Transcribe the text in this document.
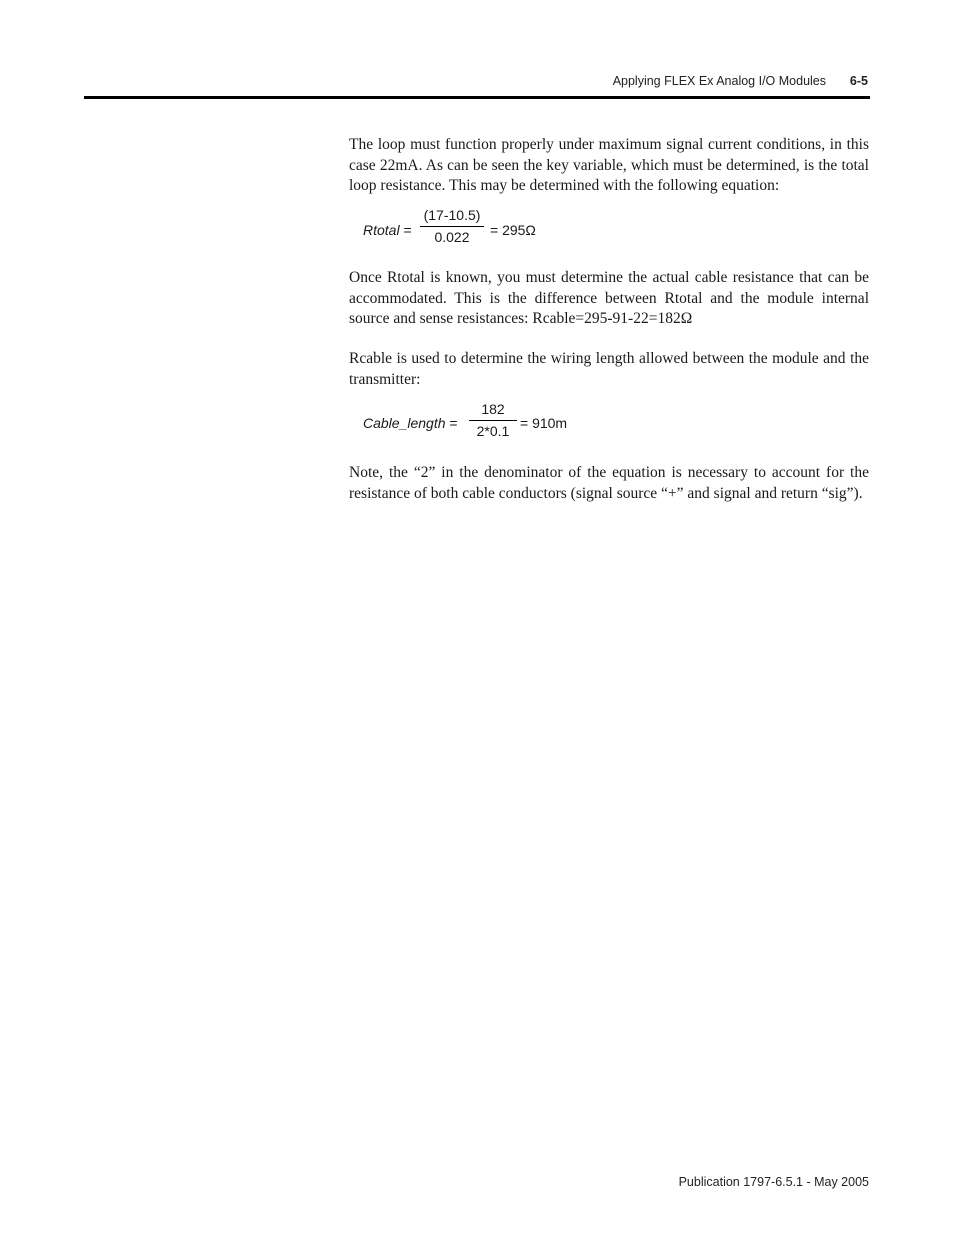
Applying FLEX Ex Analog I/O Modules 6-5

The loop must function properly under maximum signal current conditions, in this case 22mA. As can be seen the key variable, which must be determined, is the total loop resistance. This may be determined with the following equation:

Rtotal =
(17-10.5)
0.022	= 295Ω

Once Rtotal is known, you must determine the actual cable resistance that can be accommodated. This is the difference between Rtotal and the module internal source and sense resistances: Rcable=295-91-22=182Ω

Rcable is used to determine the wiring length allowed between the module and the transmitter:

Cable_length =
182
2*0.1 = 910m

Note, the “2” in the denominator of the equation is necessary to account for the resistance of both cable conductors (signal source “+” and signal and return “sig”).

Publication 1797-6.5.1 - May 2005
